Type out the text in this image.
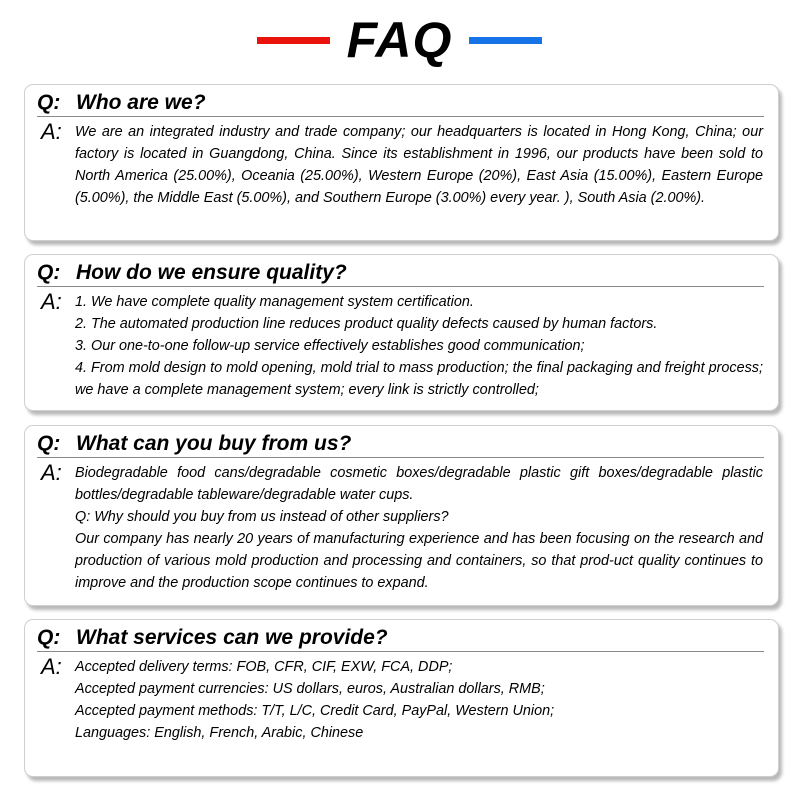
FAQ
Q: Who are we?
A: We are an integrated industry and trade company; our headquarters is located in Hong Kong, China; our factory is located in Guangdong, China. Since its establishment in 1996, our products have been sold to North America (25.00%), Oceania (25.00%), Western Europe (20%), East Asia (15.00%), Eastern Europe (5.00%), the Middle East (5.00%), and Southern Europe (3.00%) every year. ), South Asia (2.00%).

Q: How do we ensure quality?
A: 1. We have complete quality management system certification.

2. The automated production line reduces product quality defects caused by human factors.

3. Our one-to-one follow-up service effectively establishes good communication;

4. From mold design to mold opening, mold trial to mass production; the final packaging and freight process; we have a complete management system; every link is strictly controlled;

Q: What can you buy from us?
A: Biodegradable food cans/degradable cosmetic boxes/degradable plastic gift boxes/degradable plastic bottles/degradable tableware/degradable water cups.

Q: Why should you buy from us instead of other suppliers?

Our company has nearly 20 years of manufacturing experience and has been focusing on the research and production of various mold production and processing and containers, so that prod-uct quality continues to improve and the production scope continues to expand.

Q: What services can we provide?
A: Accepted delivery terms: FOB, CFR, CIF, EXW, FCA, DDP;

Accepted payment currencies: US dollars, euros, Australian dollars, RMB;

Accepted payment methods: T/T, L/C, Credit Card, PayPal, Western Union;

Languages: English, French, Arabic, Chinese
